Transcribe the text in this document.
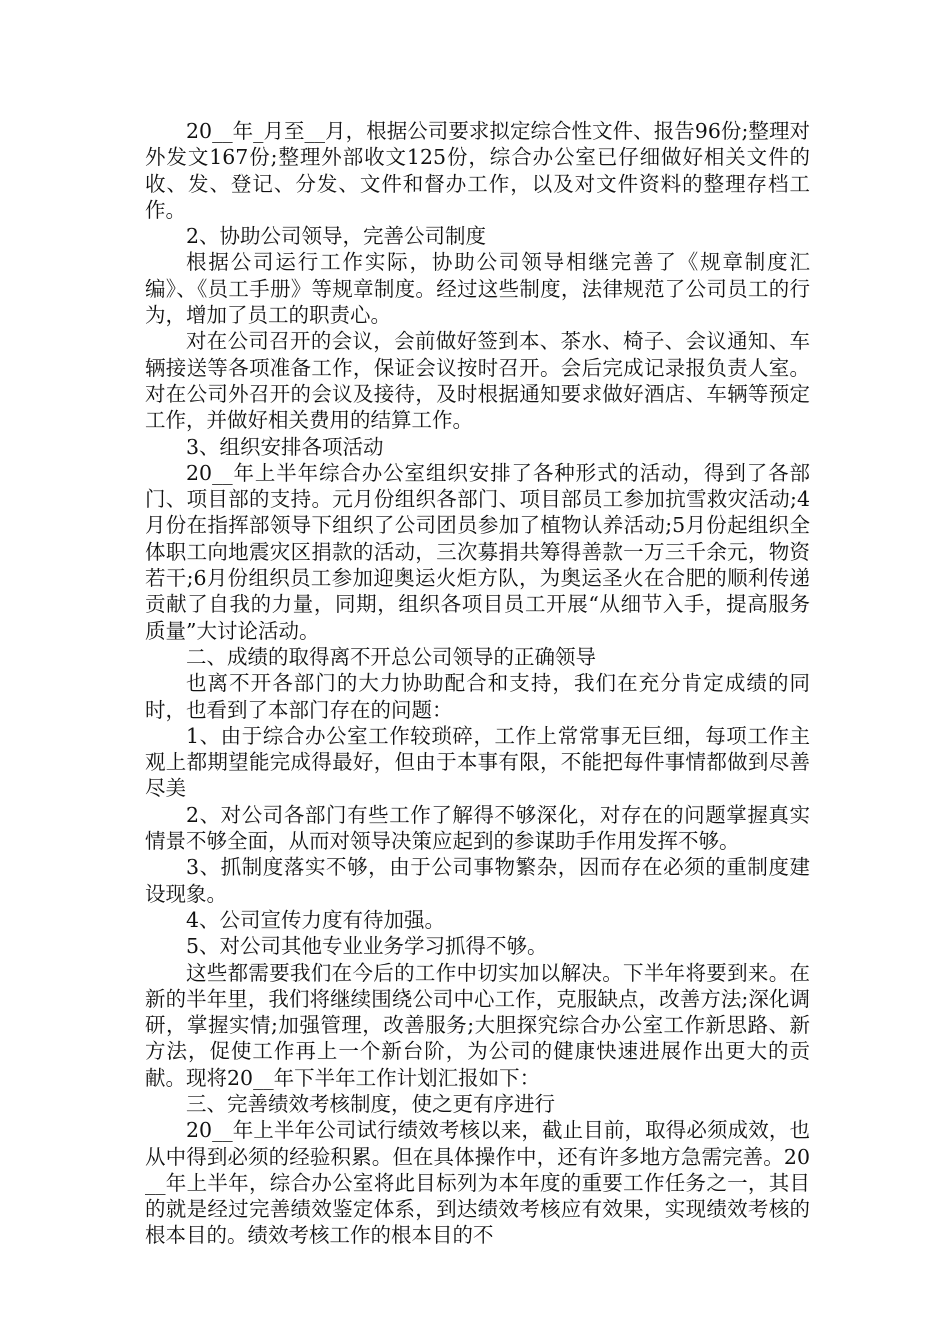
20__年_月至__月，根据公司要求拟定综合性文件、报告96份;整理对外发文167份;整理外部收文125份，综合办公室已仔细做好相关文件的收、发、登记、分发、文件和督办工作，以及对文件资料的整理存档工作。

2、协助公司领导，完善公司制度

根据公司运行工作实际，协助公司领导相继完善了《规章制度汇编》、《员工手册》等规章制度。经过这些制度，法律规范了公司员工的行为，增加了员工的职责心。

对在公司召开的会议，会前做好签到本、茶水、椅子、会议通知、车辆接送等各项准备工作，保证会议按时召开。会后完成记录报负责人室。对在公司外召开的会议及接待，及时根据通知要求做好酒店、车辆等预定工作，并做好相关费用的结算工作。

3、组织安排各项活动

20__年上半年综合办公室组织安排了各种形式的活动，得到了各部门、项目部的支持。元月份组织各部门、项目部员工参加抗雪救灾活动;4月份在指挥部领导下组织了公司团员参加了植物认养活动;5月份起组织全体职工向地震灾区捐款的活动，三次募捐共筹得善款一万三千余元，物资若干;6月份组织员工参加迎奥运火炬方队，为奥运圣火在合肥的顺利传递贡献了自我的力量，同期，组织各项目员工开展“从细节入手，提高服务质量”大讨论活动。

二、成绩的取得离不开总公司领导的正确领导

也离不开各部门的大力协助配合和支持，我们在充分肯定成绩的同时，也看到了本部门存在的问题：

1、由于综合办公室工作较琐碎，工作上常常事无巨细，每项工作主观上都期望能完成得最好，但由于本事有限，不能把每件事情都做到尽善尽美

2、对公司各部门有些工作了解得不够深化，对存在的问题掌握真实情景不够全面，从而对领导决策应起到的参谋助手作用发挥不够。

3、抓制度落实不够，由于公司事物繁杂，因而存在必须的重制度建设现象。

4、公司宣传力度有待加强。

5、对公司其他专业业务学习抓得不够。

这些都需要我们在今后的工作中切实加以解决。下半年将要到来。在新的半年里，我们将继续围绕公司中心工作，克服缺点，改善方法;深化调研，掌握实情;加强管理，改善服务;大胆探究综合办公室工作新思路、新方法，促使工作再上一个新台阶，为公司的健康快速进展作出更大的贡献。现将20__年下半年工作计划汇报如下：

三、完善绩效考核制度，使之更有序进行

20__年上半年公司试行绩效考核以来，截止目前，取得必须成效，也从中得到必须的经验积累。但在具体操作中，还有许多地方急需完善。20__年上半年，综合办公室将此目标列为本年度的重要工作任务之一，其目的就是经过完善绩效鉴定体系，到达绩效考核应有效果，实现绩效考核的根本目的。绩效考核工作的根本目的不
